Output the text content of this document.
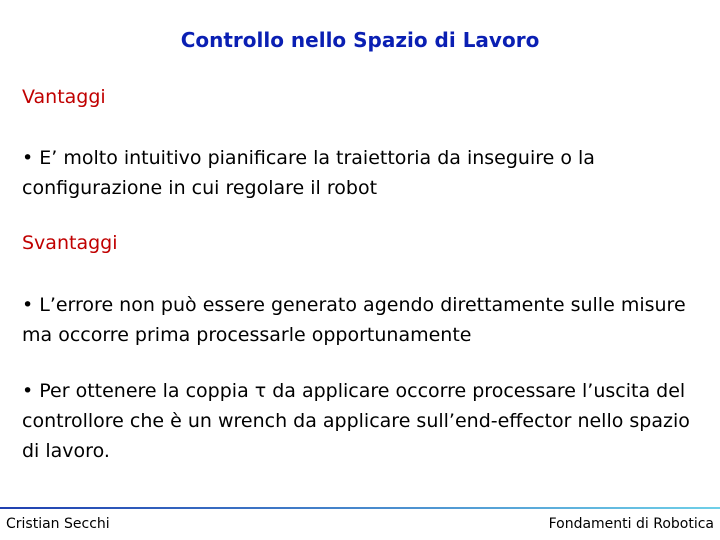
Controllo nello Spazio di Lavoro
Vantaggi
• E’ molto intuitivo pianificare la traiettoria da inseguire o la configurazione in cui regolare il robot
Svantaggi
• L’errore non può essere generato agendo direttamente sulle misure ma occorre prima processarle opportunamente
• Per ottenere la coppia τ da applicare occorre processare l’uscita del controllore che è un wrench da applicare sull’end-effector nello spazio di lavoro.
Cristian Secchi	Fondamenti di Robotica
